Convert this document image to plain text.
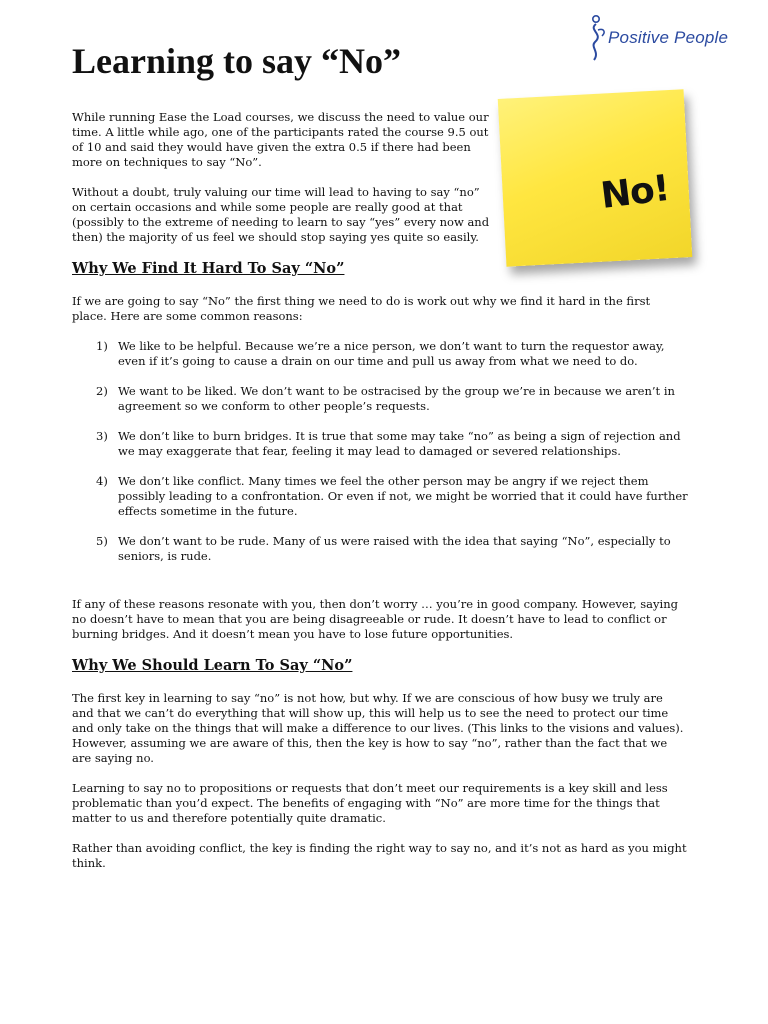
Positive People
Learning to say “No”
No!

While running Ease the Load courses, we discuss the need to value our time. A little while ago, one of the participants rated the course 9.5 out of 10 and said they would have given the extra 0.5 if there had been more on techniques to say “No”.

Without a doubt, truly valuing our time will lead to having to say “no” on certain occasions and while some people are really good at that (possibly to the extreme of needing to learn to say “yes” every now and then) the majority of us feel we should stop saying yes quite so easily.

Why We Find It Hard To Say “No”

If we are going to say “No” the first thing we need to do is work out why we find it hard in the first place. Here are some common reasons:

1) We like to be helpful. Because we’re a nice person, we don’t want to turn the requestor away, even if it’s going to cause a drain on our time and pull us away from what we need to do.
2) We want to be liked. We don’t want to be ostracised by the group we’re in because we aren’t in agreement so we conform to other people’s requests.
3) We don’t like to burn bridges. It is true that some may take “no” as being a sign of rejection and we may exaggerate that fear, feeling it may lead to damaged or severed relationships.
4) We don’t like conflict. Many times we feel the other person may be angry if we reject them possibly leading to a confrontation. Or even if not, we might be worried that it could have further effects sometime in the future.
5) We don’t want to be rude. Many of us were raised with the idea that saying “No”, especially to seniors, is rude.

If any of these reasons resonate with you, then don’t worry … you’re in good company. However, saying no doesn’t have to mean that you are being disagreeable or rude. It doesn’t have to lead to conflict or burning bridges. And it doesn’t mean you have to lose future opportunities.

Why We Should Learn To Say “No”

The first key in learning to say “no” is not how, but why. If we are conscious of how busy we truly are and that we can’t do everything that will show up, this will help us to see the need to protect our time and only take on the things that will make a difference to our lives. (This links to the visions and values). However, assuming we are aware of this, then the key is how to say “no”, rather than the fact that we are saying no.

Learning to say no to propositions or requests that don’t meet our requirements is a key skill and less problematic than you’d expect. The benefits of engaging with “No” are more time for the things that matter to us and therefore potentially quite dramatic.

Rather than avoiding conflict, the key is finding the right way to say no, and it’s not as hard as you might think.
